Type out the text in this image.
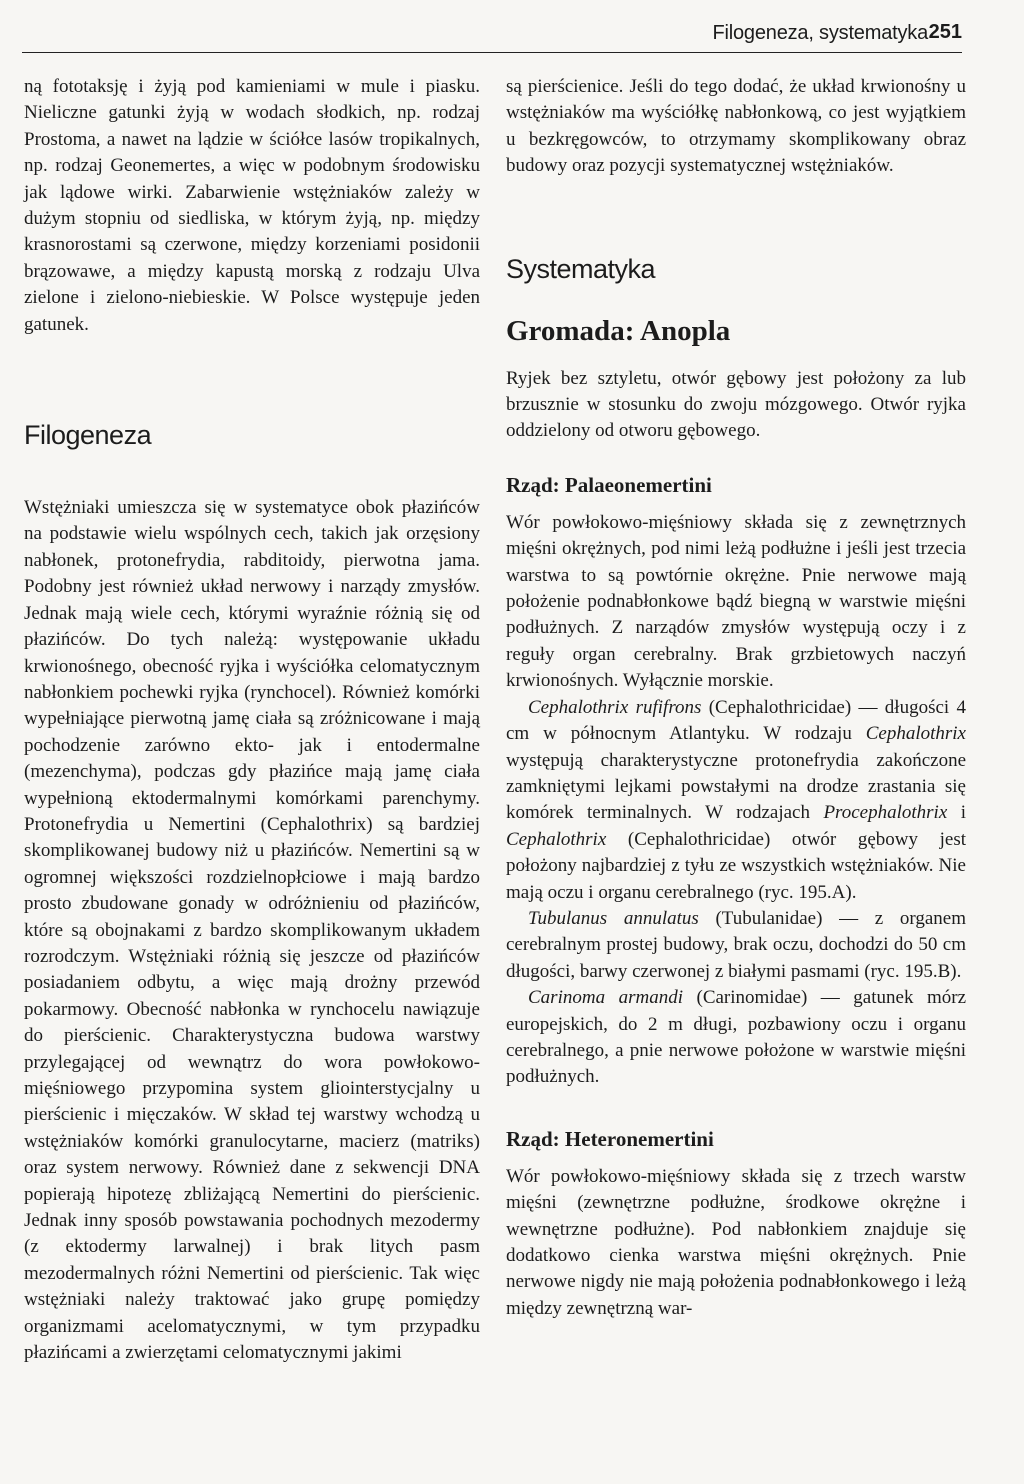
Filogeneza, systematyka 251

ną fototaksję i żyją pod kamieniami w mule i piasku. Nieliczne gatunki żyją w wodach słodkich, np. rodzaj Prostoma, a nawet na lądzie w ściółce lasów tropikalnych, np. rodzaj Geonemertes, a więc w podobnym środowisku jak lądowe wirki. Zabarwienie wstężniaków zależy w dużym stopniu od siedliska, w którym żyją, np. między krasnorostami są czerwone, między korzeniami posidonii brązowawe, a między kapustą morską z rodzaju Ulva zielone i zielono-niebieskie. W Polsce występuje jeden gatunek.

Filogeneza

Wstężniaki umieszcza się w systematyce obok płazińców na podstawie wielu wspólnych cech, takich jak orzęsiony nabłonek, protonefrydia, rabditoidy, pierwotna jama. Podobny jest również układ nerwowy i narządy zmysłów. Jednak mają wiele cech, którymi wyraźnie różnią się od płazińców. Do tych należą: występowanie układu krwionośnego, obecność ryjka i wyściółka celomatycznym nabłonkiem pochewki ryjka (rynchocel). Również komórki wypełniające pierwotną jamę ciała są zróżnicowane i mają pochodzenie zarówno ekto- jak i entodermalne (mezenchyma), podczas gdy płazińce mają jamę ciała wypełnioną ektodermalnymi komórkami parenchymy. Protonefrydia u Nemertini (Cephalothrix) są bardziej skomplikowanej budowy niż u płazińców. Nemertini są w ogromnej większości rozdzielnopłciowe i mają bardzo prosto zbudowane gonady w odróżnieniu od płazińców, które są obojnakami z bardzo skomplikowanym układem rozrodczym. Wstężniaki różnią się jeszcze od płazińców posiadaniem odbytu, a więc mają drożny przewód pokarmowy. Obecność nabłonka w rynchocelu nawiązuje do pierścienic. Charakterystyczna budowa warstwy przylegającej od wewnątrz do wora powłokowo-mięśniowego przypomina system gliointerstycjalny u pierścienic i mięczaków. W skład tej warstwy wchodzą u wstężniaków komórki granulocytarne, macierz (matriks) oraz system nerwowy. Również dane z sekwencji DNA popierają hipotezę zbliżającą Nemertini do pierścienic. Jednak inny sposób powstawania pochodnych mezodermy (z ektodermy larwalnej) i brak litych pasm mezodermalnych różni Nemertini od pierścienic. Tak więc wstężniaki należy traktować jako grupę pomiędzy organizmami acelomatycznymi, w tym przypadku płazińcami a zwierzętami celomatycznymi jakimi

są pierścienice. Jeśli do tego dodać, że układ krwionośny u wstężniaków ma wyściółkę nabłonkową, co jest wyjątkiem u bezkręgowców, to otrzymamy skomplikowany obraz budowy oraz pozycji systematycznej wstężniaków.

Systematyka
Gromada: Anopla

Ryjek bez sztyletu, otwór gębowy jest położony za lub brzusznie w stosunku do zwoju mózgowego. Otwór ryjka oddzielony od otworu gębowego.

Rząd: Palaeonemertini

Wór powłokowo-mięśniowy składa się z zewnętrznych mięśni okrężnych, pod nimi leżą podłużne i jeśli jest trzecia warstwa to są powtórnie okrężne. Pnie nerwowe mają położenie podnabłonkowe bądź biegną w warstwie mięśni podłużnych. Z narządów zmysłów występują oczy i z reguły organ cerebralny. Brak grzbietowych naczyń krwionośnych. Wyłącznie morskie.

Cephalothrix rufifrons (Cephalothricidae) — długości 4 cm w północnym Atlantyku. W rodzaju Cephalothrix występują charakterystyczne protonefrydia zakończone zamkniętymi lejkami powstałymi na drodze zrastania się komórek terminalnych. W rodzajach Procephalothrix i Cephalothrix (Cephalothricidae) otwór gębowy jest położony najbardziej z tyłu ze wszystkich wstężniaków. Nie mają oczu i organu cerebralnego (ryc. 195.A).

Tubulanus annulatus (Tubulanidae) — z organem cerebralnym prostej budowy, brak oczu, dochodzi do 50 cm długości, barwy czerwonej z białymi pasmami (ryc. 195.B).

Carinoma armandi (Carinomidae) — gatunek mórz europejskich, do 2 m długi, pozbawiony oczu i organu cerebralnego, a pnie nerwowe położone w warstwie mięśni podłużnych.

Rząd: Heteronemertini

Wór powłokowo-mięśniowy składa się z trzech warstw mięśni (zewnętrzne podłużne, środkowe okrężne i wewnętrzne podłużne). Pod nabłonkiem znajduje się dodatkowo cienka warstwa mięśni okrężnych. Pnie nerwowe nigdy nie mają położenia podnabłonkowego i leżą między zewnętrzną war-
